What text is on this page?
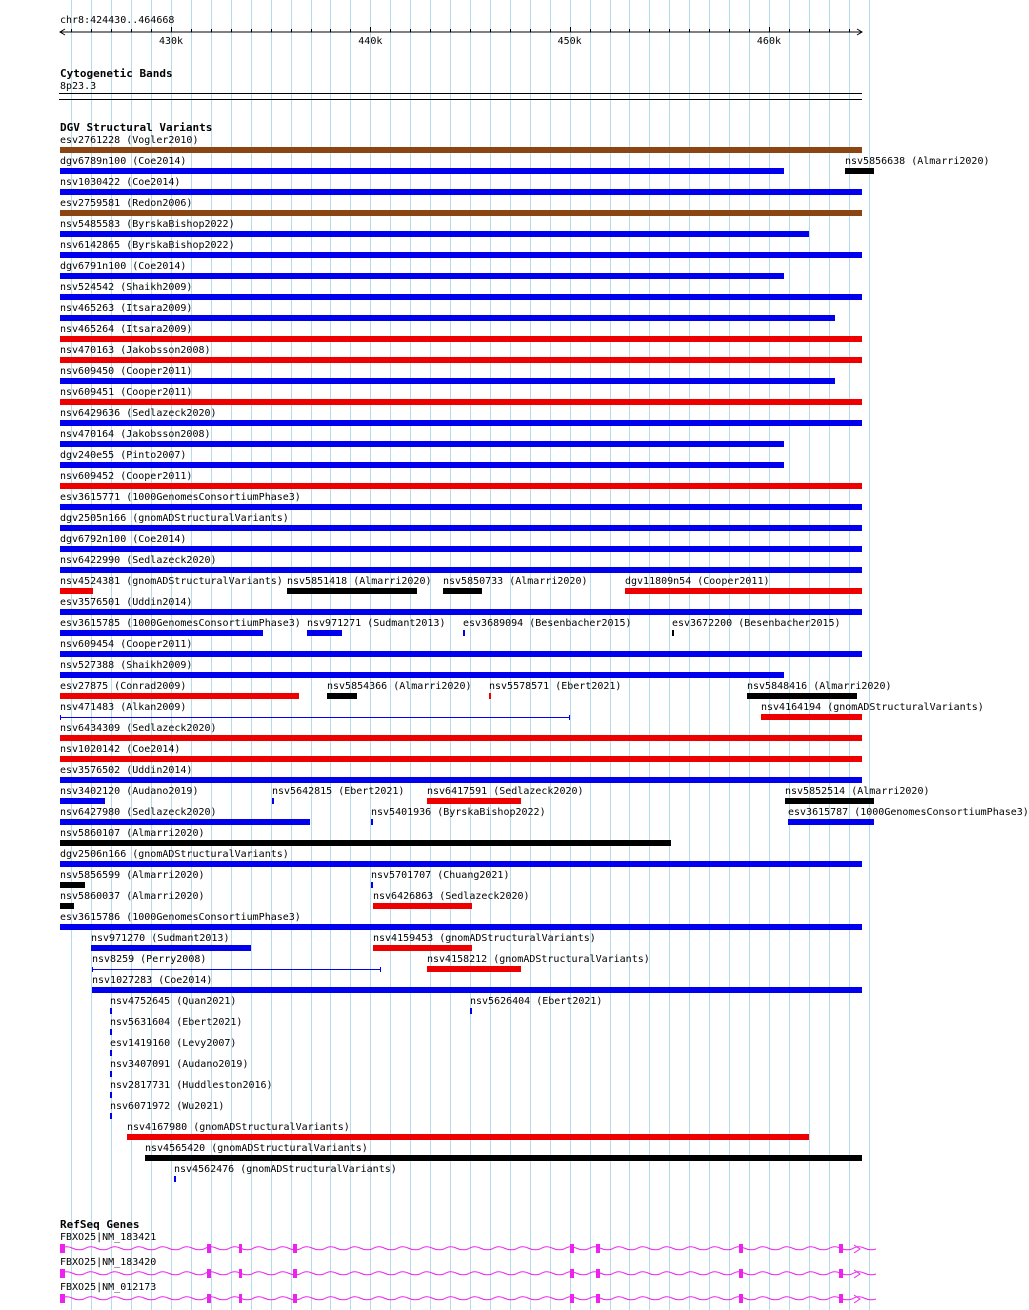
chr8:424430..464668
430k	440k	450k	460k
Cytogenetic Bands
8p23.3
DGV Structural Variants
esv2761228 (Vogler2010)
dgv6789n100 (Coe2014)	nsv5856638 (Almarri2020)
nsv1030422 (Coe2014)
esv2759581 (Redon2006)
nsv5485583 (ByrskaBishop2022)
nsv6142865 (ByrskaBishop2022)
dgv6791n100 (Coe2014)
nsv524542 (Shaikh2009)
nsv465263 (Itsara2009)
nsv465264 (Itsara2009)
nsv470163 (Jakobsson2008)
nsv609450 (Cooper2011)
nsv609451 (Cooper2011)
nsv6429636 (Sedlazeck2020)
nsv470164 (Jakobsson2008)
dgv240e55 (Pinto2007)
nsv609452 (Cooper2011)
esv3615771 (1000GenomesConsortiumPhase3)
dgv2505n166 (gnomADStructuralVariants)
dgv6792n100 (Coe2014)
nsv6422990 (Sedlazeck2020)
nsv4524381 (gnomADStructuralVariants) nsv5851418 (Almarri2020) nsv5850733 (Almarri2020)	dgv11809n54 (Cooper2011)
esv3576501 (Uddin2014)
esv3615785 (1000GenomesConsortiumPhase3) nsv971271 (Sudmant2013) esv3689094 (Besenbacher2015)	esv3672200 (Besenbacher2015)
nsv609454 (Cooper2011)
nsv527388 (Shaikh2009)
esv27875 (Conrad2009)	nsv5854366 (Almarri2020) nsv5578571 (Ebert2021)	nsv5848416 (Almarri2020)
nsv471483 (Alkan2009)	nsv4164194 (gnomADStructuralVariants)
nsv6434309 (Sedlazeck2020)
nsv1020142 (Coe2014)
esv3576502 (Uddin2014)
nsv3402120 (Audano2019)	nsv5642815 (Ebert2021) nsv6417591 (Sedlazeck2020)	nsv5852514 (Almarri2020)
nsv6427980 (Sedlazeck2020)	nsv5401936 (ByrskaBishop2022)	esv3615787 (1000GenomesConsortiumPhase3)
nsv5860107 (Almarri2020)
dgv2506n166 (gnomADStructuralVariants)
nsv5856599 (Almarri2020)	nsv5701707 (Chuang2021)
nsv5860037 (Almarri2020)	nsv6426863 (Sedlazeck2020)
esv3615786 (1000GenomesConsortiumPhase3)
nsv971270 (Sudmant2013)	nsv4159453 (gnomADStructuralVariants)
nsv8259 (Perry2008)	nsv4158212 (gnomADStructuralVariants)
nsv1027283 (Coe2014)
nsv4752645 (Quan2021)	nsv5626404 (Ebert2021)
nsv5631604 (Ebert2021)
esv1419160 (Levy2007)
nsv3407091 (Audano2019)
nsv2817731 (Huddleston2016)
nsv6071972 (Wu2021)
nsv4167980 (gnomADStructuralVariants)
nsv4565420 (gnomADStructuralVariants)
nsv4562476 (gnomADStructuralVariants)
RefSeq Genes
FBXO25|NM_183421
FBXO25|NM_183420
FBXO25|NM_012173
